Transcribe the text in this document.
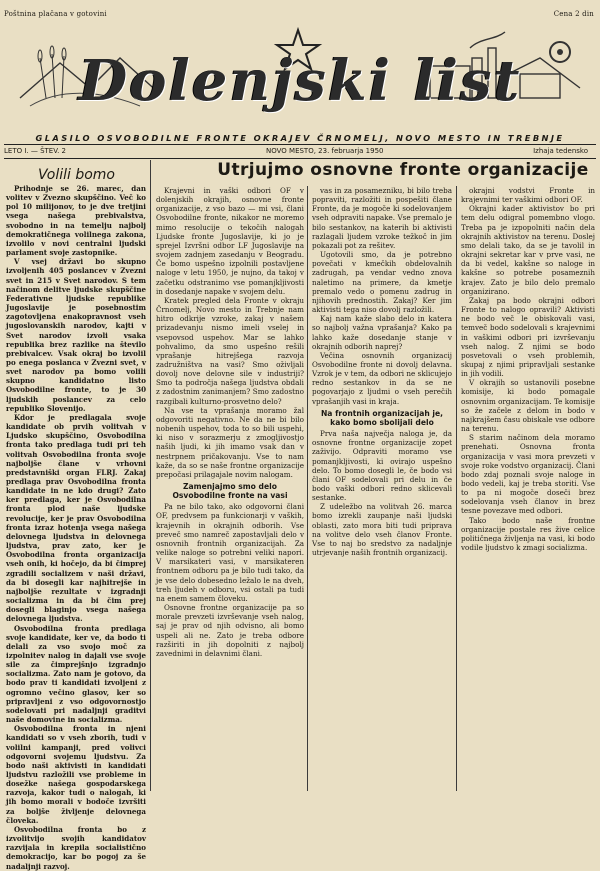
Poštnina plačana v gotovini	Cena 2 din
Dolenjski list
GLASILO OSVOBODILNE FRONTE OKRAJEV ČRNOMELJ, NOVO MESTO IN TREBNJE
LETO I. — ŠTEV. 2	NOVO MESTO, 23. februarja 1950	Izhaja tedensko
Volili bomo

Prihodnje se 26. marec, dan volitev v Zvezno skupščino. Več ko pol 10 milijonov, to je dve tretjini vsega našega prebivalstva, svobodno in na temelju najbolj demokratičnega volilnega zakona, izvolilo v novi centralni ljudski parlament svoje zastopnike.

V vsej državi bo skupno izvoljenih 405 poslancev v Zvezni svet in 215 v Svet narodov. S tem načinom delitve ljudske skupščine Federativne ljudske republike Jugoslavije je posebnostim zagotovljena enakopravnost vseh jugoslovanskih narodov, kajti v Svet narodov izvoli vsaka republika brez razlike na število prebivalcev. Vsak okraj bo izvolil po enega poslanca v Zvezni svet, v svet narodov pa bomo volili skupno kandidatno listo Osvobodilne fronte, to je 30 ljudskih poslancev za celo republiko Slovenijo.

Kdor je predlagala svoje kandidate ob prvih volitvah v Ljudsko skupščino, Osvobodilna fronta tako predlaga tudi pri teh volitvah Osvobodilna fronta svoje najboljše člane v vrhovni predstavniški organ FLRJ. Zakaj predlaga prav Osvobodilna fronta kandidate in ne kdo drugi? Zato ker predlaga, ker je Osvobodilna fronta plod naše ljudske revolucije, ker je prav Osvobodilna fronta izraz hotenja vsega našega delovnega ljudstva in delovnega ljudstva, prav zato, ker je Osvobodilna fronta organizacija vseh onih, ki hočejo, da bi čimprej zgradili socializem v naši državi, da bi dosegli kar najhitrejše in najboljše rezultate v izgradnji socializma in da bi čim prej dosegli blaginjo vsega našega delovnega ljudstva.

Osvobodilna fronta predlaga svoje kandidate, ker ve, da bodo ti delali za vso svojo moč za izpolnitev nalog in dajali vse svoje sile za čimprejšnjo izgradnjo socializma. Zato nam je gotovo, da bodo prav ti kandidati izvoljeni z ogromno večino glasov, ker so pripravljeni z vso odgovornostjo sodelovati pri nadaljnji graditvi naše domovine in socializma.

Osvobodilna fronta in njeni kandidati so v vseh zborih, tudi v volilni kampanji, pred volivci odgovorni svojemu ljudstvu. Za bodo naši aktivisti in kandidati ljudstvu razložili vse probleme in dosežke našega gospodarskega razvoja, kakor tudi o nalogah, ki jih bomo morali v bodoče izvršiti za boljše življenje delovnega človeka.

Osvobodilna fronta bo z izvolitvijo svojih kandidatov razvijala in krepila socialistično demokracijo, kar bo pogoj za še nadaljnji razvoj.

Utrjujmo osnovne fronte organizacije

Krajevni in vaški odbori OF v dolenjskih okrajih, osnovne fronte organizacije, z vso bazo — mi vsi, člani Osvobodilne fronte, nikakor ne moremo mimo resolucije o tekočih nalogah Ljudske fronte Jugoslavije, ki jo je sprejel Izvršni odbor LF Jugoslavije na svojem zadnjem zasedanju v Beogradu. Če bomo uspešno izpolnili postavljene naloge v letu 1950, je nujno, da takoj v začetku odstranimo vse pomanjkljivosti in dosedanje napake v svojem delu.

Kratek pregled dela Fronte v okraju Črnomelj, Novo mesto in Trebnje nam hitro odkrije vzroke, zakaj v našem prizadevanju nismo imeli vselej in vsepovsod uspehov. Mar se lahko pohvalimo, da smo uspešno rešili vprašanje hitrejšega razvoja zadružništva na vasi? Smo oživljali dovolj nove delovne sile v industriji? Smo ta področja našega ljudstva obdali z zadostnim zanimanjem? Smo zadostno razgibali kulturno-prosvetno delo?

Na vse ta vprašanja moramo žal odgovoriti negativno. Ne da ne bi bilo nobenih uspehov, toda to so bili uspehi, ki niso v sorazmerju z zmogljivostjo naših ljudi, ki jih imamo vsak dan v nestrpnem pričakovanju. Vse to nam kaže, da so se naše frontne organizacije prepočasi prilagajale novim nalogam.

Zamenjajmo smo delo Osvobodilne fronte na vasi

Pa ne bilo tako, ako odgovorni člani OF, predvsem pa funkcionarji v vaških, krajevnih in okrajnih odborih. Vse preveč smo namreč zapostavljali delo v osnovnih frontnih organizacijah. Za velike naloge so potrebni veliki napori. V marsikateri vasi, v marsikateren frontnem odboru pa je bilo tudi tako, da je vse delo dobesedno ležalo le na dveh, treh ljudeh v odboru, vsi ostali pa tudi na enem samem človeku.

Osnovne frontne organizacije pa so morale prevzeti izvrševanje vseh nalog, saj je prav od njih odvisno, ali bomo uspeli ali ne. Zato je treba odbore razširiti in jih dopolniti z najbolj zavednimi in delavnimi člani.

vas in za posamezniku, bi bilo treba popraviti, razložiti in pospešiti člane Fronte, da je mogoče ki sodelovanjem vseh odpraviti napake. Vse premalo je bilo sestankov, na katerih bi aktivisti razlagali ljudem vzroke težkoč in jim pokazali pot za rešitev.

Ugotovili smo, da je potrebno povečati v kmečkih obdelovalnih zadrugah, pa vendar vedno znova naletimo na primere, da kmetje premalo vedo o pomenu zadrug in njihovih prednostih. Zakaj? Ker jim aktivisti tega niso dovolj razložili.

Kaj nam kaže slabo delo in katera so najbolj važna vprašanja? Kako pa lahko kaže dosedanje stanje v okrajnih odborih naprej?

Večina osnovnih organizacij Osvobodilne fronte ni dovolj delavna. Vzrok je v tem, da odbori ne sklicujejo redno sestankov in da se ne pogovarjajo z ljudmi o vseh perečih vprašanjih vasi in kraja.

Na frontnih organizacijah je, kako bomo sbolijali delo

Prva naša največja naloga je, da osnovne frontne organizacije zopet zaživijo. Odpraviti moramo vse pomanjkljivosti, ki ovirajo uspešno delo. To bomo dosegli le, če bodo vsi člani OF sodelovali pri delu in če bodo vaški odbori redno sklicevali sestanke.

Z udeležbo na volitvah 26. marca bomo izrekli zaupanje naši ljudski oblasti, zato mora biti tudi priprava na volitve delo vseh članov Fronte. Vse to naj bo sredstvo za nadaljnje utrjevanje naših frontnih organizacij.

okrajni vodstvi Fronte in krajevnimi ter vaškimi odbori OF.

Okrajni kader aktivistov bo pri tem delu odigral pomembno vlogo. Treba pa je izpopolniti način dela okrajnih aktivistov na terenu. Doslej smo delali tako, da se je tavolil in okrajni sekretar kar v prve vasi, ne da bi vedel, kakšne so naloge in kakšne so potrebe posameznih krajev. Zato je bilo delo premalo organizirano.

Zakaj pa bodo okrajni odbori Fronte to nalogo opravili? Aktivisti ne bodo več le obiskovali vasi, temveč bodo sodelovali s krajevnimi in vaškimi odbori pri izvrševanju vseh nalog. Z njimi se bodo posvetovali o vseh problemih, skupaj z njimi pripravljali sestanke in jih vodili.

V okrajih so ustanovili posebne komisije, ki bodo pomagale osnovnim organizacijam. Te komisije so že začele z delom in bodo v najkrajšem času obiskale vse odbore na terenu.

S starim načinom dela moramo prenehati. Osnovna fronta organizacija v vasi mora prevzeti v svoje roke vodstvo organizacij. Člani bodo zdaj poznali svoje naloge in bodo vedeli, kaj je treba storiti. Vse to pa ni mogoče doseči brez sodelovanja vseh članov in brez tesne povezave med odbori.

Tako bodo naše frontne organizacije postale res žive celice političnega življenja na vasi, ki bodo vodile ljudstvo k zmagi socializma.
